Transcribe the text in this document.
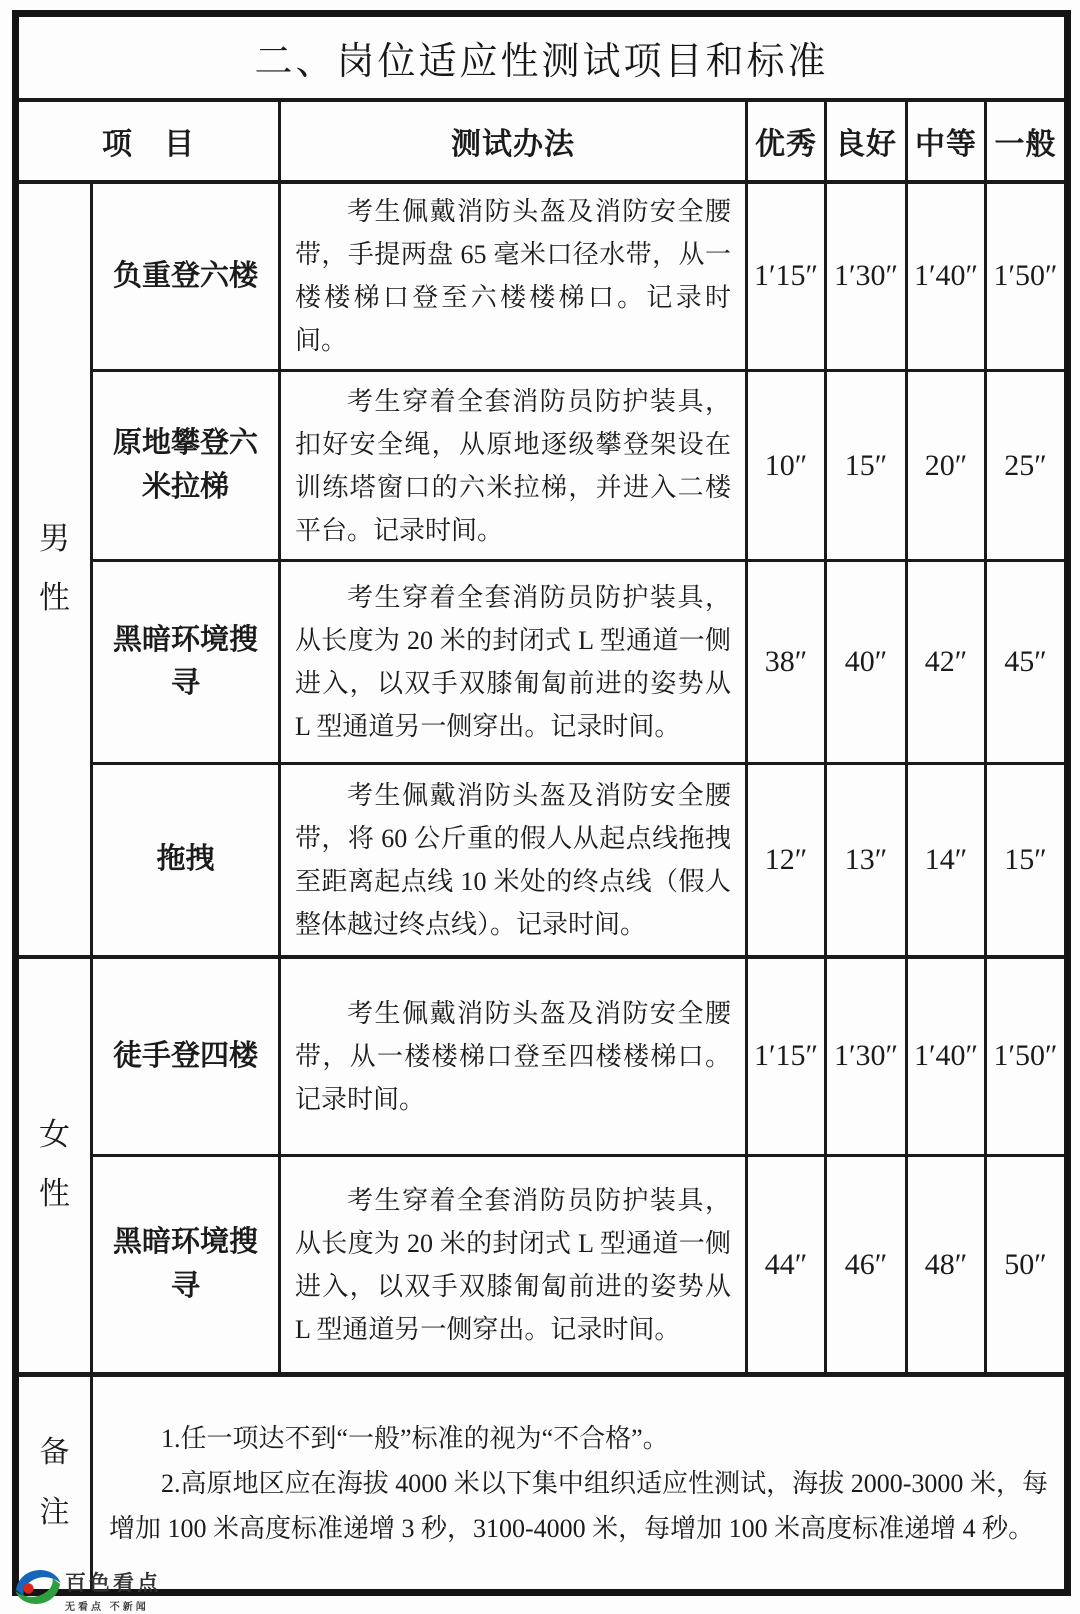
二、岗位适应性测试项目和标准						
项　目		测试办法	优秀	良好	中等	一般
男性	负重登六楼	考生佩戴消防头盔及消防安全腰带，手提两盘 65 毫米口径水带，从一楼楼梯口登至六楼楼梯口。记录时间。	1′15″	1′30″	1′40″	1′50″
	原地攀登六米拉梯	考生穿着全套消防员防护装具，扣好安全绳，从原地逐级攀登架设在训练塔窗口的六米拉梯，并进入二楼平台。记录时间。	10″	15″	20″	25″
	黑暗环境搜寻	考生穿着全套消防员防护装具，从长度为 20 米的封闭式 L 型通道一侧进入，以双手双膝匍匐前进的姿势从 L 型通道另一侧穿出。记录时间。	38″	40″	42″	45″
	拖拽	考生佩戴消防头盔及消防安全腰带，将 60 公斤重的假人从起点线拖拽至距离起点线 10 米处的终点线（假人整体越过终点线）。记录时间。	12″	13″	14″	15″
女性	徒手登四楼	考生佩戴消防头盔及消防安全腰带，从一楼楼梯口登至四楼楼梯口。记录时间。	1′15″	1′30″	1′40″	1′50″
	黑暗环境搜寻	考生穿着全套消防员防护装具，从长度为 20 米的封闭式 L 型通道一侧进入，以双手双膝匍匐前进的姿势从 L 型通道另一侧穿出。记录时间。	44″	46″	48″	50″
备注	1.任一项达不到“一般”标准的视为“不合格”。

2.高原地区应在海拔 4000 米以下集中组织适应性测试，海拔 2000-3000 米，每增加 100 米高度标准递增 3 秒，3100-4000 米，每增加 100 米高度标准递增 4 秒。					

百色看点
无看点 不新闻
